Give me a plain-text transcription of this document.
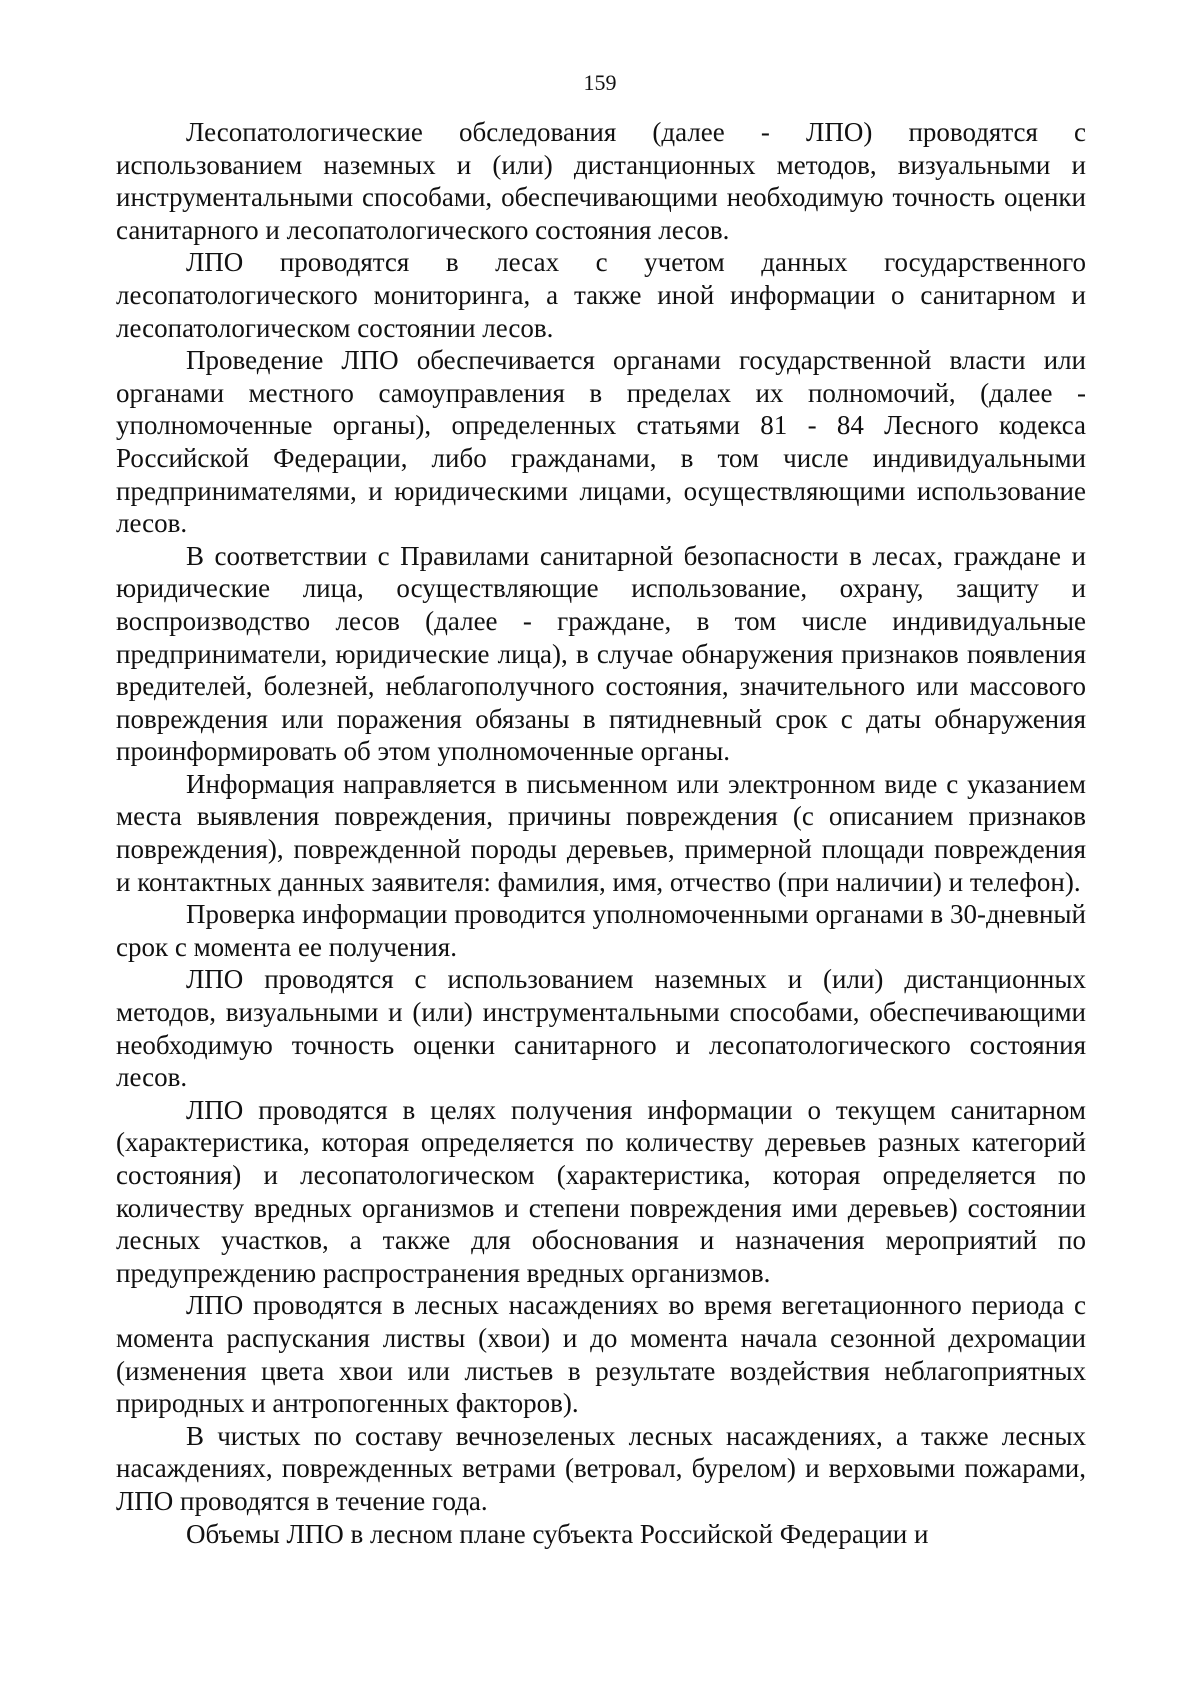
159

Лесопатологические обследования (далее - ЛПО) проводятся с использованием наземных и (или) дистанционных методов, визуальными и инструментальными способами, обеспечивающими необходимую точность оценки санитарного и лесопатологического состояния лесов.

ЛПО проводятся в лесах с учетом данных государственного лесопатологического мониторинга, а также иной информации о санитарном и лесопатологическом состоянии лесов.

Проведение ЛПО обеспечивается органами государственной власти или органами местного самоуправления в пределах их полномочий, (далее - уполномоченные органы), определенных статьями 81 - 84 Лесного кодекса Российской Федерации, либо гражданами, в том числе индивидуальными предпринимателями, и юридическими лицами, осуществляющими использование лесов.

В соответствии с Правилами санитарной безопасности в лесах, граждане и юридические лица, осуществляющие использование, охрану, защиту и воспроизводство лесов (далее - граждане, в том числе индивидуальные предприниматели, юридические лица), в случае обнаружения признаков появления вредителей, болезней, неблагополучного состояния, значительного или массового повреждения или поражения обязаны в пятидневный срок с даты обнаружения проинформировать об этом уполномоченные органы.

Информация направляется в письменном или электронном виде с указанием места выявления повреждения, причины повреждения (с описанием признаков повреждения), поврежденной породы деревьев, примерной площади повреждения и контактных данных заявителя: фамилия, имя, отчество (при наличии) и телефон).

Проверка информации проводится уполномоченными органами в 30-дневный срок с момента ее получения.

ЛПО проводятся с использованием наземных и (или) дистанционных методов, визуальными и (или) инструментальными способами, обеспечивающими необходимую точность оценки санитарного и лесопатологического состояния лесов.

ЛПО проводятся в целях получения информации о текущем санитарном (характеристика, которая определяется по количеству деревьев разных категорий состояния) и лесопатологическом (характеристика, которая определяется по количеству вредных организмов и степени повреждения ими деревьев) состоянии лесных участков, а также для обоснования и назначения мероприятий по предупреждению распространения вредных организмов.

ЛПО проводятся в лесных насаждениях во время вегетационного периода с момента распускания листвы (хвои) и до момента начала сезонной дехромации (изменения цвета хвои или листьев в результате воздействия неблагоприятных природных и антропогенных факторов).

В чистых по составу вечнозеленых лесных насаждениях, а также лесных насаждениях, поврежденных ветрами (ветровал, бурелом) и верховыми пожарами, ЛПО проводятся в течение года.

Объемы ЛПО в лесном плане субъекта Российской Федерации и
